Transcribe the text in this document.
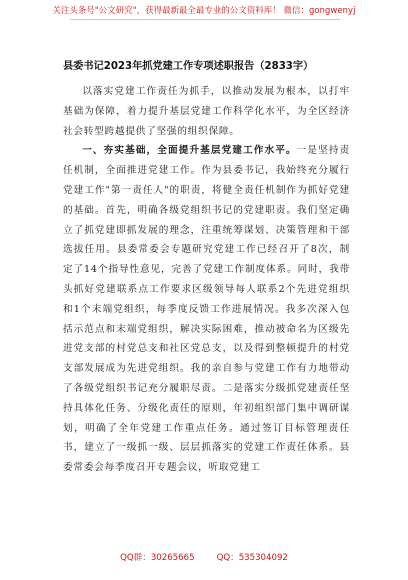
关注头条号"公文研究"，获得最新最全最专业的公文资料库！ 微信：gongwenyj
县委书记2023年抓党建工作专项述职报告（2833字）

以落实党建工作责任为抓手，以推动发展为根本，以打牢基础为保障，着力提升基层党建工作科学化水平，为全区经济社会转型跨越提供了坚强的组织保障。

一、夯实基础，全面提升基层党建工作水平。一是坚持责任机制，全面推进党建工作。作为县委书记，我始终充分履行党建工作"第一责任人"的职责，将健全责任机制作为抓好党建的基础。首先，明确各级党组织书记的党建职责。我们坚定确立了抓党建即抓发展的理念，注重统筹谋划、决策管理和干部选拔任用。县委常委会专题研究党建工作已经召开了8次，制定了14个指导性意见，完善了党建工作制度体系。同时，我带头抓好党建联系点工作要求区级领导每人联系2个先进党组织和1个末端党组织，每季度反馈工作进展情况。我多次深入包括示范点和末端党组织，解决实际困难，推动被命名为区级先进党支部的村党总支和社区党总支，以及得到整顿提升的村党支部发展成为先进党组织。我的亲自参与党建工作有力地带动了各级党组织书记充分履职尽责。二是落实分级抓党建责任坚持具体化任务、分级化责任的原则，年初组织部门集中调研谋划，明确了全年党建工作重点任务。通过签订目标管理责任书，建立了一级抓一级、层层抓落实的党建工作责任体系。县委常委会每季度召开专题会议，听取党建工

QQ群：30265665	QQ：535304092
